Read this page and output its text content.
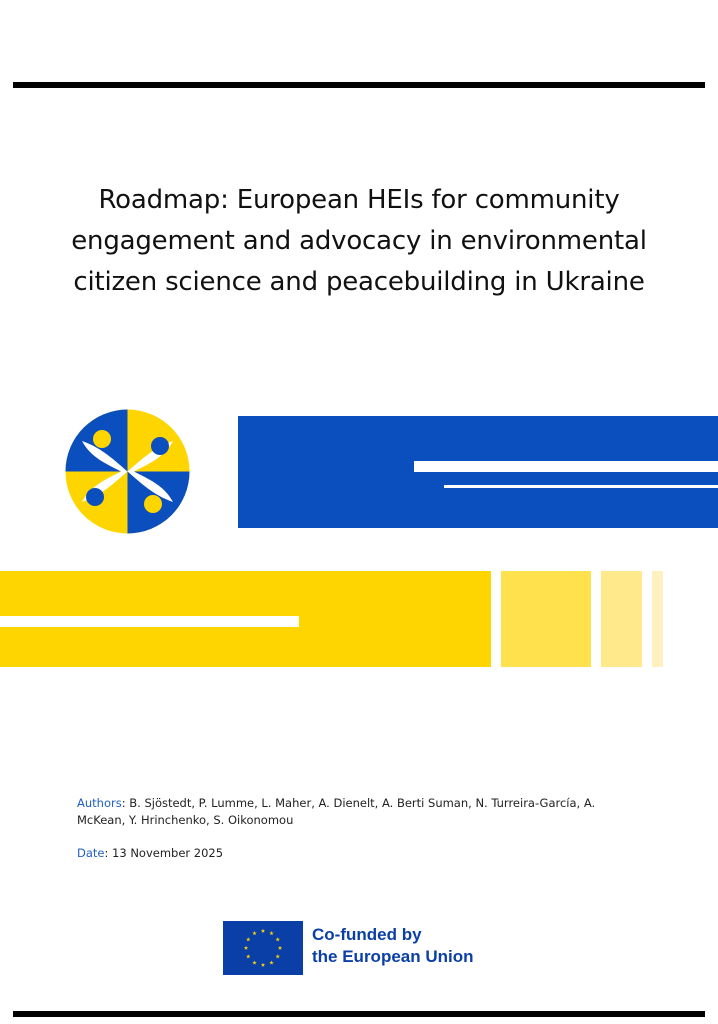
Roadmap: European HEIs for community engagement and advocacy in environmental citizen science and peacebuilding in Ukraine
Authors: B. Sjöstedt, P. Lumme, L. Maher, A. Dienelt, A. Berti Suman, N. Turreira-García, A. McKean, Y. Hrinchenko, S. Oikonomou
Date: 13 November 2025
Co-funded by
the European Union
